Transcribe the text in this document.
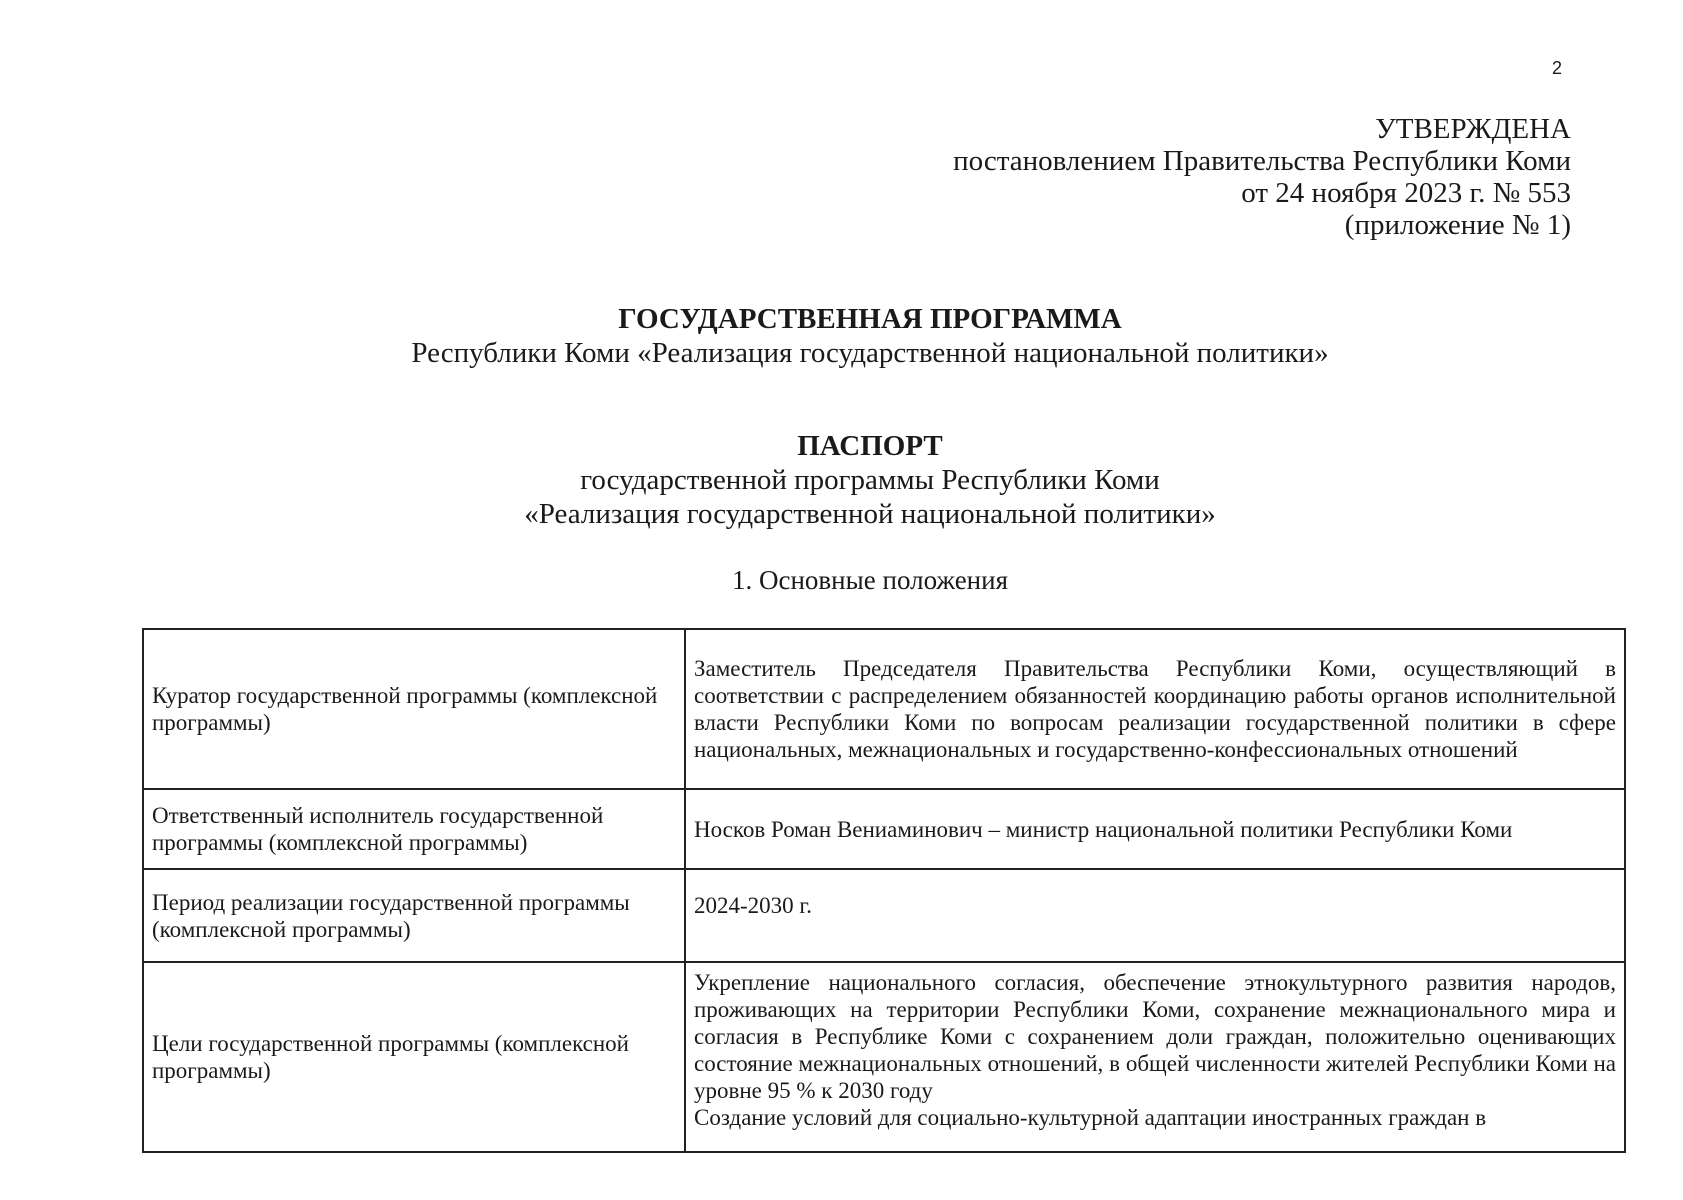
2
УТВЕРЖДЕНА
постановлением Правительства Республики Коми
от 24 ноября 2023 г. № 553
(приложение № 1)
ГОСУДАРСТВЕННАЯ ПРОГРАММА
Республики Коми «Реализация государственной национальной политики»
ПАСПОРТ
государственной программы Республики Коми
«Реализация государственной национальной политики»
1. Основные положения
Куратор государственной программы (комплексной программы)	Заместитель Председателя Правительства Республики Коми, осуществляющий в соответствии с распределением обязанностей координацию работы органов исполнительной власти Республики Коми по вопросам реализации государственной политики в сфере национальных, межнациональных и государственно-конфессиональных отношений
Ответственный исполнитель государственной программы (комплексной программы)	Носков Роман Вениаминович – министр национальной политики Республики Коми
Период реализации государственной программы (комплексной программы)	2024-2030 г.
Цели государственной программы (комплексной программы)	Укрепление национального согласия, обеспечение этнокультурного развития народов, проживающих на территории Республики Коми, сохранение межнационального мира и согласия в Республике Коми с сохранением доли граждан, положительно оценивающих состояние межнациональных отношений, в общей численности жителей Республики Коми на уровне 95 % к 2030 году

Создание условий для социально-культурной адаптации иностранных граждан в
